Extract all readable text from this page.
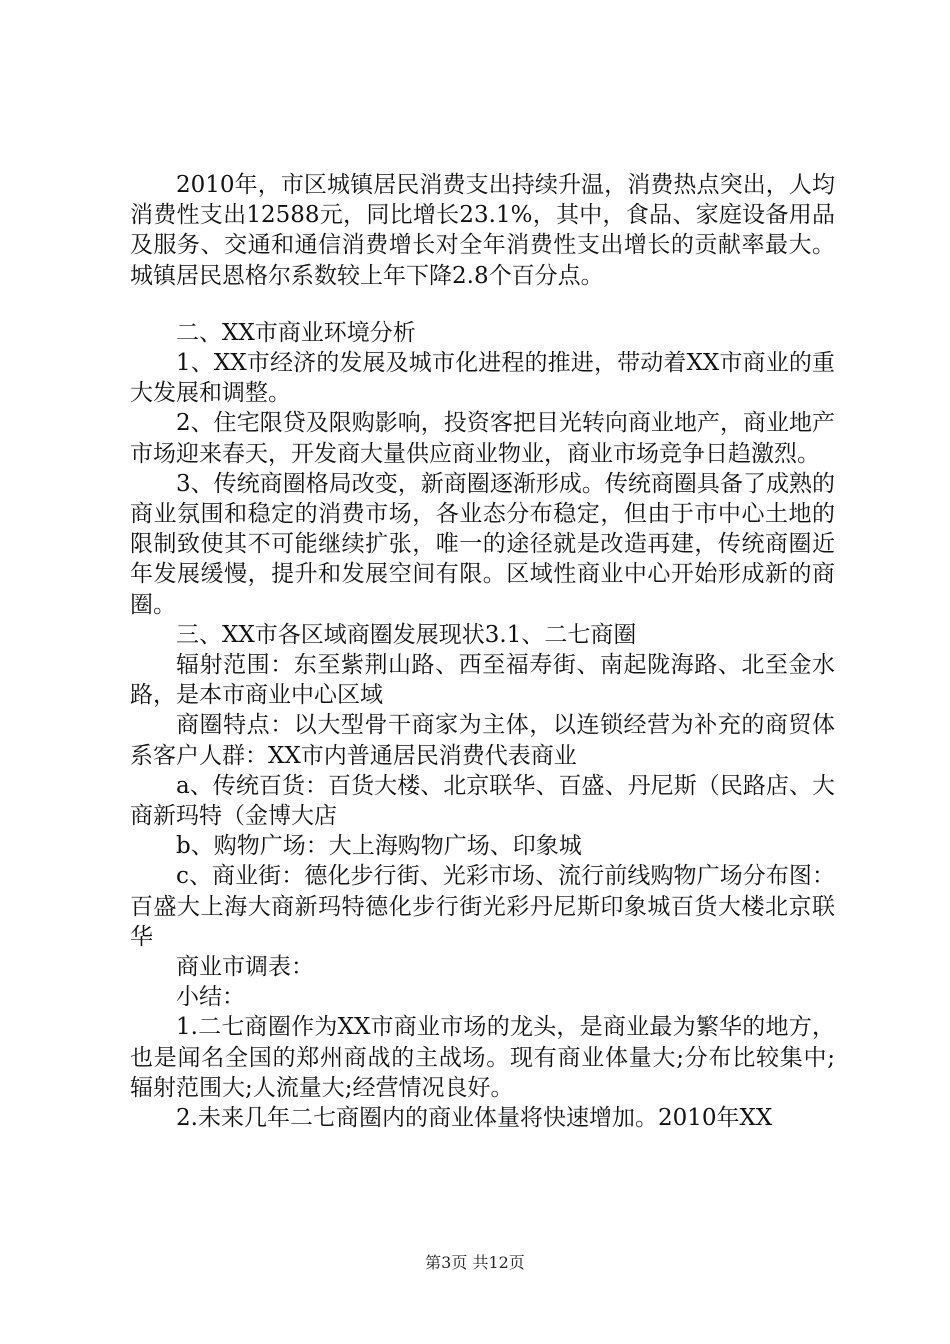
2010年，市区城镇居民消费支出持续升温，消费热点突出，人均消费性支出12588元，同比增长23.1%，其中，食品、家庭设备用品及服务、交通和通信消费增长对全年消费性支出增长的贡献率最大。城镇居民恩格尔系数较上年下降2.8个百分点。

二、XX市商业环境分析

1、XX市经济的发展及城市化进程的推进，带动着XX市商业的重大发展和调整。

2、住宅限贷及限购影响，投资客把目光转向商业地产，商业地产市场迎来春天，开发商大量供应商业物业，商业市场竞争日趋激烈。

3、传统商圈格局改变，新商圈逐渐形成。传统商圈具备了成熟的商业氛围和稳定的消费市场，各业态分布稳定，但由于市中心土地的限制致使其不可能继续扩张，唯一的途径就是改造再建，传统商圈近年发展缓慢，提升和发展空间有限。区域性商业中心开始形成新的商圈。

三、XX市各区域商圈发展现状3.1、二七商圈

辐射范围：东至紫荆山路、西至福寿街、南起陇海路、北至金水路，是本市商业中心区域

商圈特点：以大型骨干商家为主体，以连锁经营为补充的商贸体系客户人群：XX市内普通居民消费代表商业

a、传统百货：百货大楼、北京联华、百盛、丹尼斯（民路店、大商新玛特（金博大店

b、购物广场：大上海购物广场、印象城

c、商业街：德化步行街、光彩市场、流行前线购物广场分布图：百盛大上海大商新玛特德化步行街光彩丹尼斯印象城百货大楼北京联华

商业市调表：

小结：

1.二七商圈作为XX市商业市场的龙头，是商业最为繁华的地方，也是闻名全国的郑州商战的主战场。现有商业体量大;分布比较集中;辐射范围大;人流量大;经营情况良好。

2.未来几年二七商圈内的商业体量将快速增加。2010年XX

第3页 共12页
